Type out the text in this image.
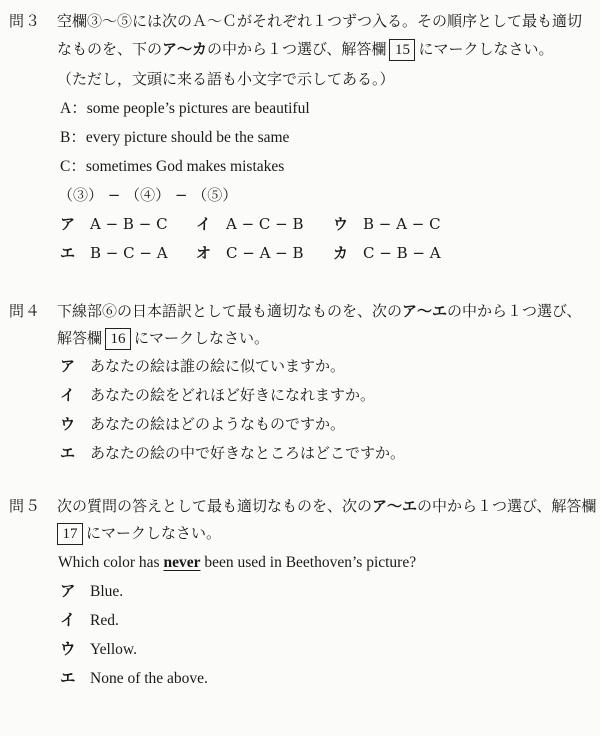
問３ 空欄③〜⑤には次のＡ〜Ｃがそれぞれ１つずつ入る。その順序として最も適切
なものを、下のア〜カの中から１つ選び、解答欄 15 にマークしなさい。
（ただし，文頭に来る語も小文字で示してある。）
A：some people’s pictures are beautiful
B：every picture should be the same
C：sometimes God makes mistakes
（③） − （④） − （⑤）
ア A − B − C イ A − C − B ウ B − A − C
エ B − C − A オ C − A − B カ C − B − A
問４ 下線部⑥の日本語訳として最も適切なものを、次のア〜エの中から１つ選び、
解答欄 16 にマークしなさい。
ア あなたの絵は誰の絵に似ていますか。
イ あなたの絵をどれほど好きになれますか。
ウ あなたの絵はどのようなものですか。
エ あなたの絵の中で好きなところはどこですか。
問５ 次の質問の答えとして最も適切なものを、次のア〜エの中から１つ選び、解答欄
17 にマークしなさい。
Which color has never been used in Beethoven’s picture?
ア Blue.
イ Red.
ウ Yellow.
エ None of the above.
